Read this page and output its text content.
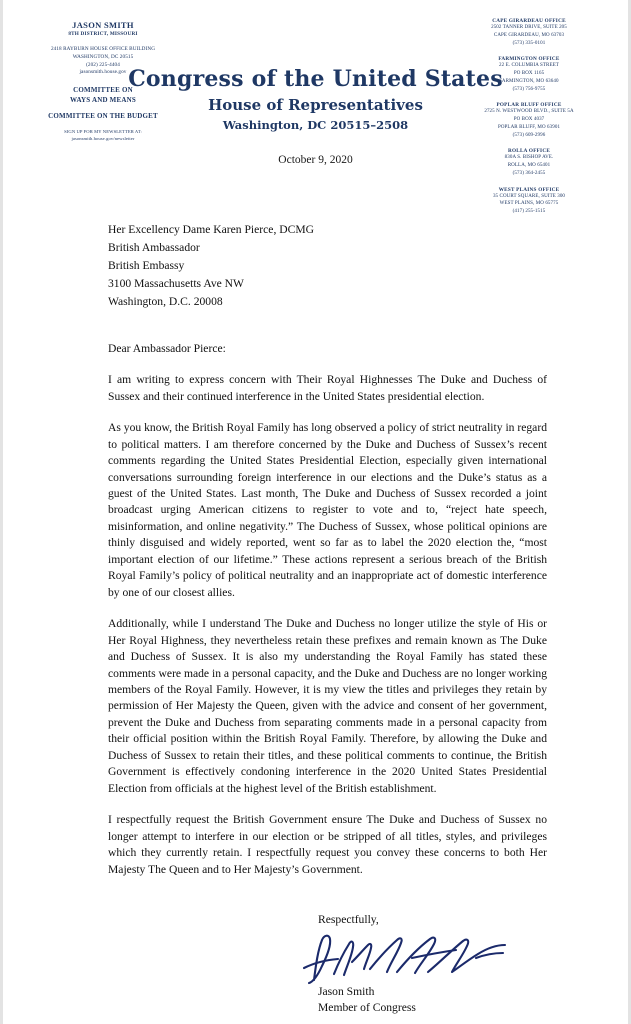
JASON SMITH
8TH DISTRICT, MISSOURI
2418 RAYBURN HOUSE OFFICE BUILDING
WASHINGTON, DC 20515
(202) 225-4404
jasonsmith.house.gov
COMMITTEE ON
WAYS AND MEANS
COMMITTEE ON THE BUDGET
SIGN UP FOR MY NEWSLETTER AT:
jasonsmith.house.gov/newsletter
Congress of the United States
House of Representatives
Washington, DC 20515–2508
CAPE GIRARDEAU OFFICE
2502 TANNER DRIVE, SUITE 205
CAPE GIRARDEAU, MO 63703
(573) 335-0101
FARMINGTON OFFICE
22 E. COLUMBIA STREET
PO BOX 1165
FARMINGTON, MO 63640
(573) 756-9755
POPLAR BLUFF OFFICE
2725 N. WESTWOOD BLVD., SUITE 5A
PO BOX 4037
POPLAR BLUFF, MO 63901
(573) 609-2996
ROLLA OFFICE
830A S. BISHOP AVE.
ROLLA, MO 65401
(573) 364-2455
WEST PLAINS OFFICE
35 COURT SQUARE, SUITE 300
WEST PLAINS, MO 65775
(417) 255-1515
October 9, 2020
Her Excellency Dame Karen Pierce, DCMG
British Ambassador
British Embassy
3100 Massachusetts Ave NW
Washington, D.C. 20008
Dear Ambassador Pierce:

I am writing to express concern with Their Royal Highnesses The Duke and Duchess of Sussex and their continued interference in the United States presidential election.

As you know, the British Royal Family has long observed a policy of strict neutrality in regard to political matters. I am therefore concerned by the Duke and Duchess of Sussex’s recent comments regarding the United States Presidential Election, especially given international conversations surrounding foreign interference in our elections and the Duke’s status as a guest of the United States. Last month, The Duke and Duchess of Sussex recorded a joint broadcast urging American citizens to register to vote and to, “reject hate speech, misinformation, and online negativity.” The Duchess of Sussex, whose political opinions are thinly disguised and widely reported, went so far as to label the 2020 election the, “most important election of our lifetime.” These actions represent a serious breach of the British Royal Family’s policy of political neutrality and an inappropriate act of domestic interference by one of our closest allies.

Additionally, while I understand The Duke and Duchess no longer utilize the style of His or Her Royal Highness, they nevertheless retain these prefixes and remain known as The Duke and Duchess of Sussex. It is also my understanding the Royal Family has stated these comments were made in a personal capacity, and the Duke and Duchess are no longer working members of the Royal Family. However, it is my view the titles and privileges they retain by permission of Her Majesty the Queen, given with the advice and consent of her government, prevent the Duke and Duchess from separating comments made in a personal capacity from their official position within the British Royal Family. Therefore, by allowing the Duke and Duchess of Sussex to retain their titles, and these political comments to continue, the British Government is effectively condoning interference in the 2020 United States Presidential Election from officials at the highest level of the British establishment.

I respectfully request the British Government ensure The Duke and Duchess of Sussex no longer attempt to interfere in our election or be stripped of all titles, styles, and privileges which they currently retain. I respectfully request you convey these concerns to both Her Majesty The Queen and to Her Majesty’s Government.

Respectfully,
Jason Smith
Member of Congress
